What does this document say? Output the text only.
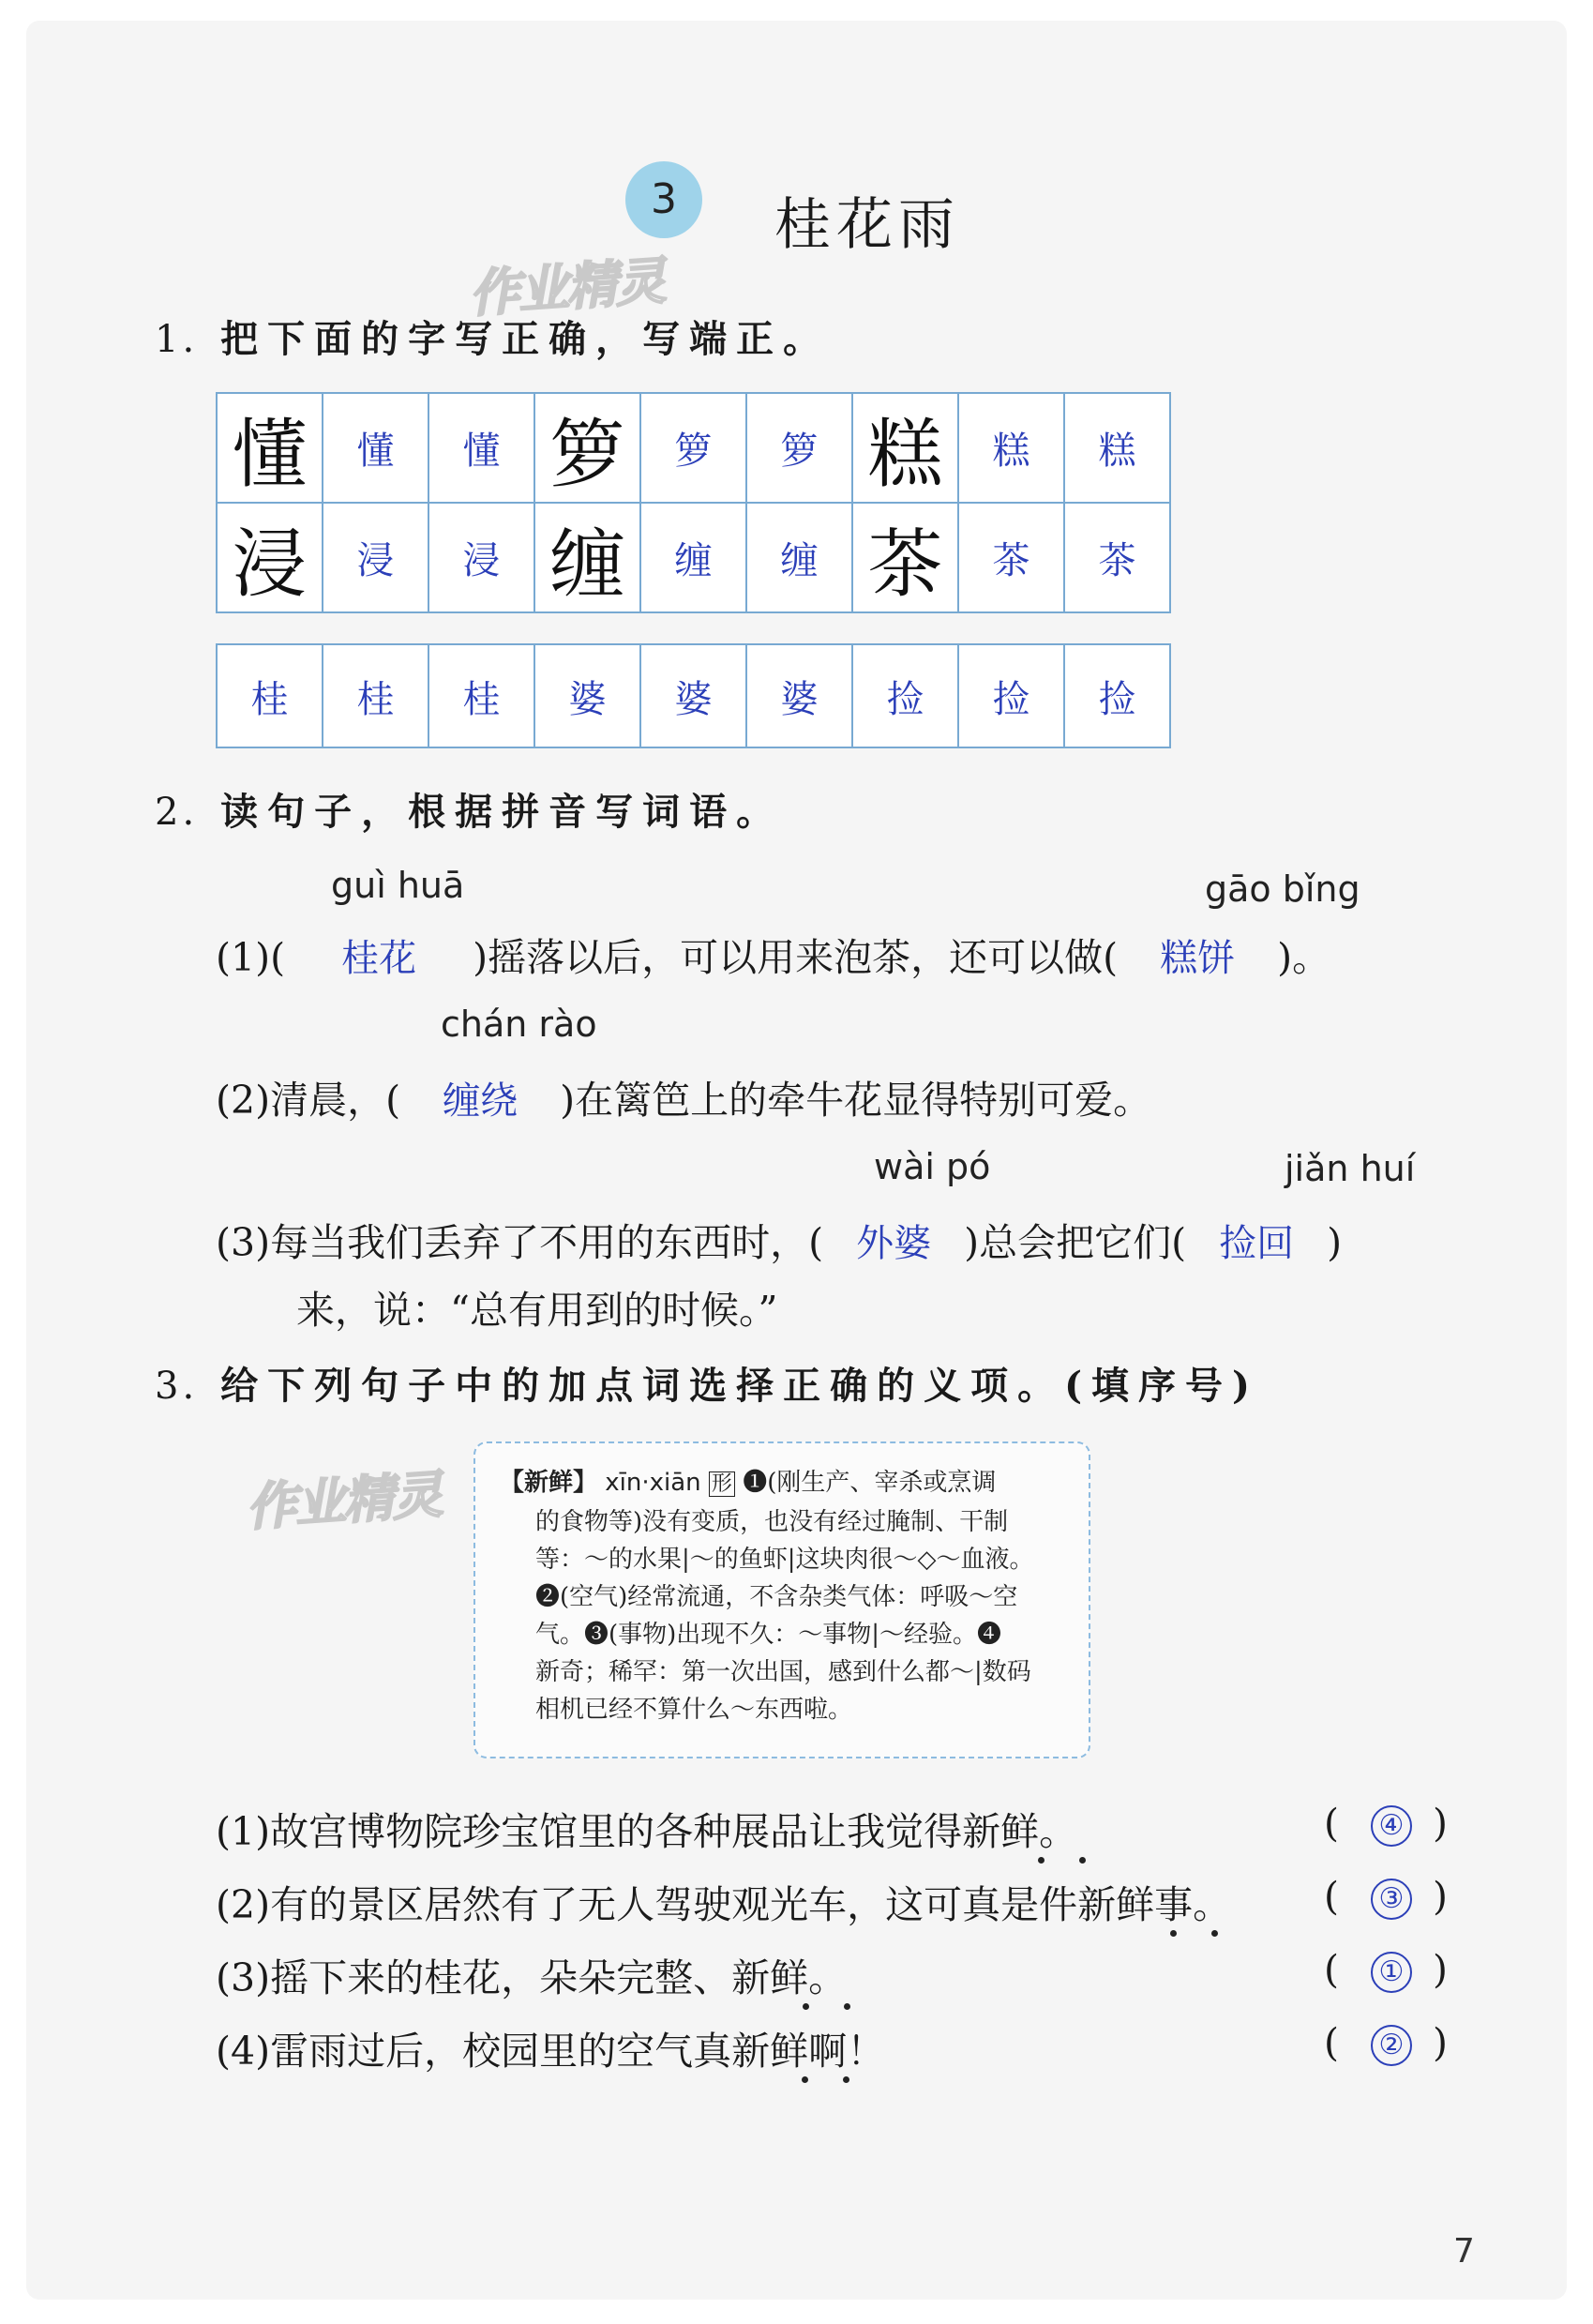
3	桂花雨
作业精灵
1. 把下面的字写正确，写端正。
懂	懂	懂	箩	箩	箩	糕	糕	糕
浸	浸	浸	缠	缠	缠	茶	茶	茶
桂	桂	桂	婆	婆	婆	捡	捡	捡
2. 读句子，根据拼音写词语。
guì huā	gāo bǐng
(1)( 桂花 )摇落以后，可以用来泡茶，还可以做( 糕饼 )。
chán rào
(2)清晨，( 缠绕 )在篱笆上的牵牛花显得特别可爱。
wài pó	jiǎn huí
(3)每当我们丢弃了不用的东西时，( 外婆 )总会把它们( 捡回 )
来，说：“总有用到的时候。”
3. 给下列句子中的加点词选择正确的义项。(填序号)
作业精灵 【新鲜】 xīn·xiān 形 ❶(刚生产、宰杀或烹调
的食物等)没有变质，也没有经过腌制、干制
等：～的水果|～的鱼虾|这块肉很～◇～血液。
❷(空气)经常流通，不含杂类气体：呼吸～空
气。❸(事物)出现不久：～事物|～经验。❹
新奇；稀罕：第一次出国，感到什么都～|数码
相机已经不算什么～东西啦。
(1)故宫博物院珍宝馆里的各种展品让我觉得新鲜。	( ④ )
(2)有的景区居然有了无人驾驶观光车，这可真是件新鲜事。 ( ③ )
(3)摇下来的桂花，朵朵完整、新鲜。	( ① )
(4)雷雨过后，校园里的空气真新鲜啊！	( ② )
7
